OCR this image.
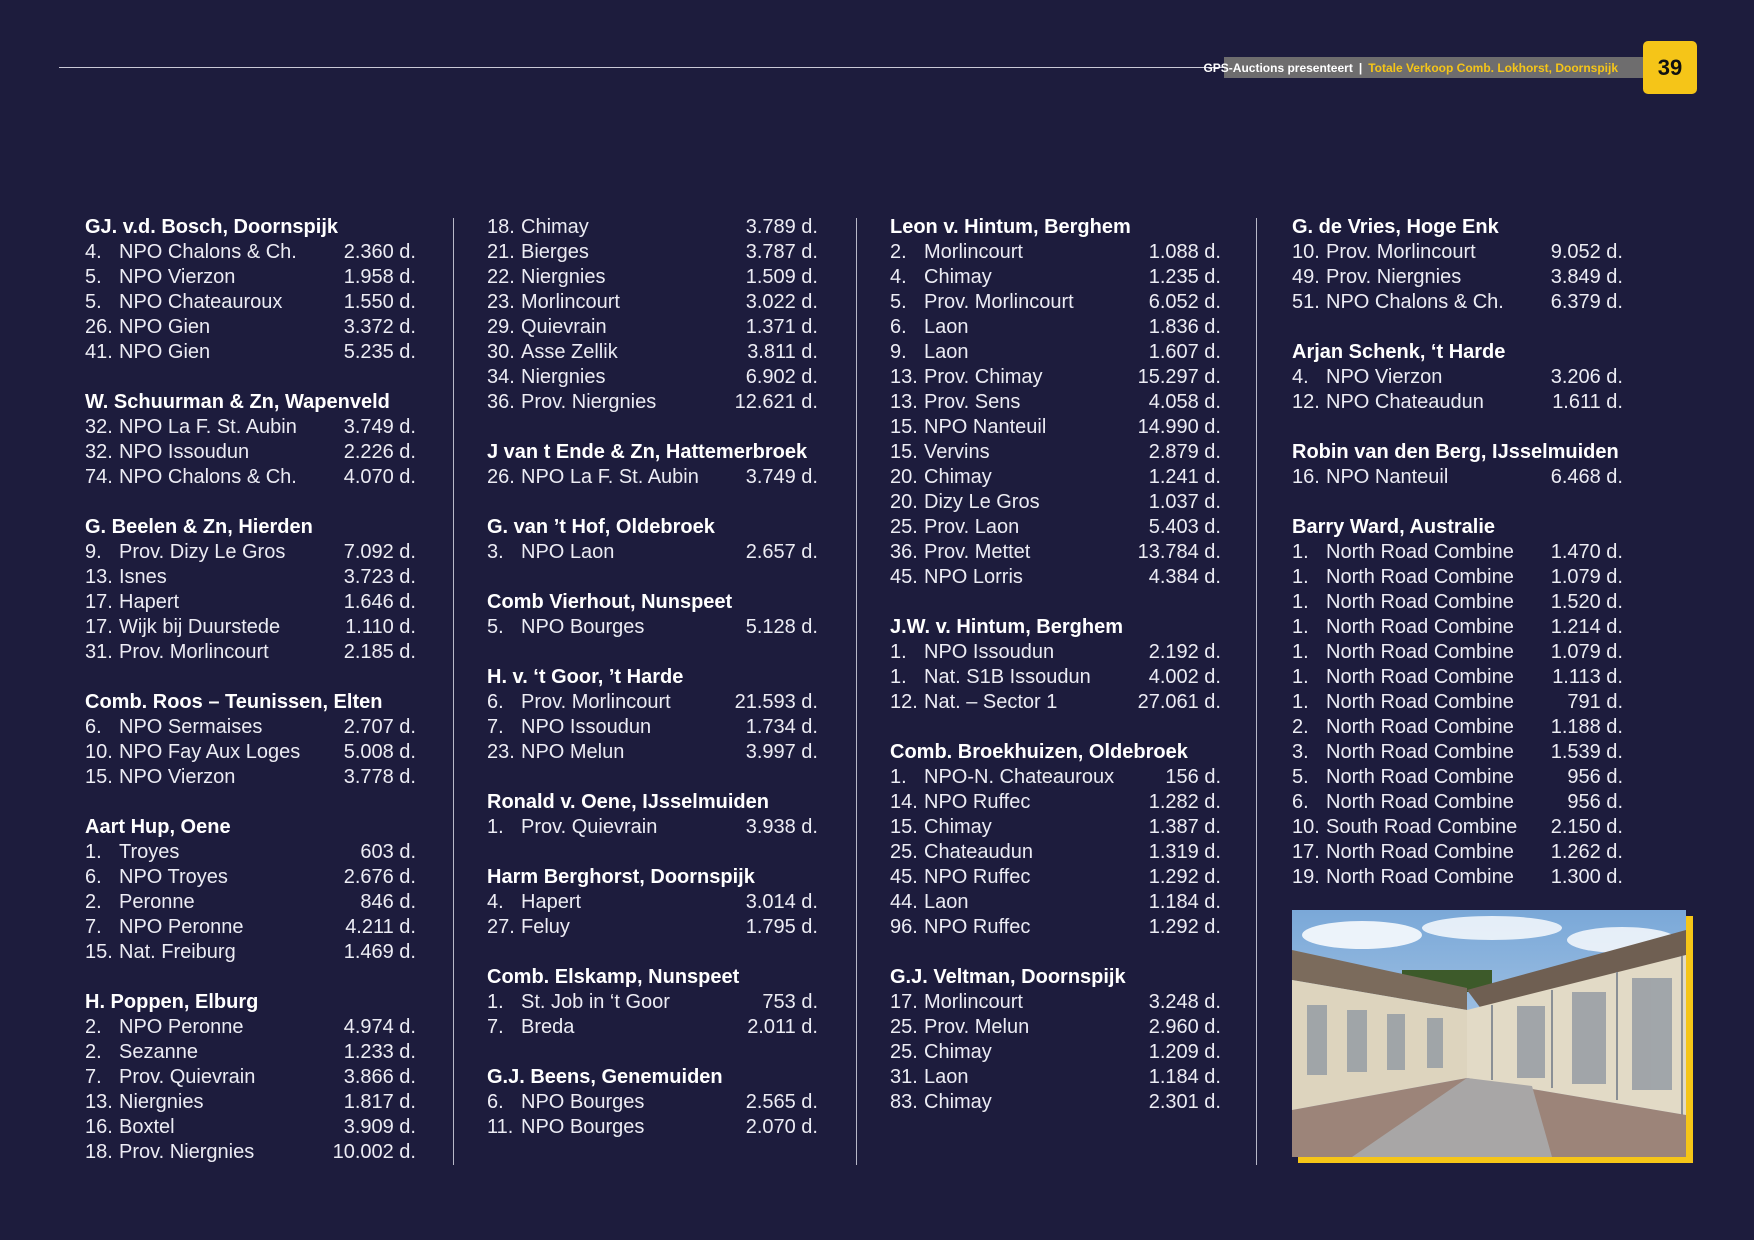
GPS-Auctions presenteert | Totale Verkoop Comb. Lokhorst, Doornspijk	39
GJ. v.d. Bosch, Doornspijk
4. NPO Chalons & Ch.	2.360 d.
5. NPO Vierzon	1.958 d.
5. NPO Chateauroux	1.550 d.
26. NPO Gien	3.372 d.
41. NPO Gien	5.235 d.
W. Schuurman & Zn, Wapenveld
32. NPO La F. St. Aubin	3.749 d.
32. NPO Issoudun	2.226 d.
74. NPO Chalons & Ch.	4.070 d.
G. Beelen & Zn, Hierden
9. Prov. Dizy Le Gros	7.092 d.
13. Isnes	3.723 d.
17. Hapert	1.646 d.
17. Wijk bij Duurstede	1.110 d.
31. Prov. Morlincourt	2.185 d.
Comb. Roos – Teunissen, Elten
6. NPO Sermaises	2.707 d.
10. NPO Fay Aux Loges	5.008 d.
15. NPO Vierzon	3.778 d.
Aart Hup, Oene
1. Troyes	603 d.
6. NPO Troyes	2.676 d.
2. Peronne	846 d.
7. NPO Peronne	4.211 d.
15. Nat. Freiburg	1.469 d.
H. Poppen, Elburg
2. NPO Peronne	4.974 d.
2. Sezanne	1.233 d.
7. Prov. Quievrain	3.866 d.
13. Niergnies	1.817 d.
16. Boxtel	3.909 d.
18. Prov. Niergnies	10.002 d.
18. Chimay	3.789 d.
21. Bierges	3.787 d.
22. Niergnies	1.509 d.
23. Morlincourt	3.022 d.
29. Quievrain	1.371 d.
30. Asse Zellik	3.811 d.
34. Niergnies	6.902 d.
36. Prov. Niergnies	12.621 d.
J van t Ende & Zn, Hattemerbroek
26. NPO La F. St. Aubin	3.749 d.
G. van ’t Hof, Oldebroek
3. NPO Laon	2.657 d.
Comb Vierhout, Nunspeet
5. NPO Bourges	5.128 d.
H. v. ‘t Goor, ’t Harde
6. Prov. Morlincourt	21.593 d.
7. NPO Issoudun	1.734 d.
23. NPO Melun	3.997 d.
Ronald v. Oene, IJsselmuiden
1. Prov. Quievrain	3.938 d.
Harm Berghorst, Doornspijk
4. Hapert	3.014 d.
27. Feluy	1.795 d.
Comb. Elskamp, Nunspeet
1. St. Job in ‘t Goor	753 d.
7. Breda	2.011 d.
G.J. Beens, Genemuiden
6. NPO Bourges	2.565 d.
11. NPO Bourges	2.070 d.
Leon v. Hintum, Berghem
2. Morlincourt	1.088 d.
4. Chimay	1.235 d.
5. Prov. Morlincourt	6.052 d.
6. Laon	1.836 d.
9. Laon	1.607 d.
13. Prov. Chimay	15.297 d.
13. Prov. Sens	4.058 d.
15. NPO Nanteuil	14.990 d.
15. Vervins	2.879 d.
20. Chimay	1.241 d.
20. Dizy Le Gros	1.037 d.
25. Prov. Laon	5.403 d.
36. Prov. Mettet	13.784 d.
45. NPO Lorris	4.384 d.
J.W. v. Hintum, Berghem
1. NPO Issoudun	2.192 d.
1. Nat. S1B Issoudun	4.002 d.
12. Nat. – Sector 1	27.061 d.
Comb. Broekhuizen, Oldebroek
1. NPO-N. Chateauroux	156 d.
14. NPO Ruffec	1.282 d.
15. Chimay	1.387 d.
25. Chateaudun	1.319 d.
45. NPO Ruffec	1.292 d.
44. Laon	1.184 d.
96. NPO Ruffec	1.292 d.
G.J. Veltman, Doornspijk
17. Morlincourt	3.248 d.
25. Prov. Melun	2.960 d.
25. Chimay	1.209 d.
31. Laon	1.184 d.
83. Chimay	2.301 d.
G. de Vries, Hoge Enk
10. Prov. Morlincourt	9.052 d.
49. Prov. Niergnies	3.849 d.
51. NPO Chalons & Ch.	6.379 d.
Arjan Schenk, ‘t Harde
4. NPO Vierzon	3.206 d.
12. NPO Chateaudun	1.611 d.
Robin van den Berg, IJsselmuiden
16. NPO Nanteuil	6.468 d.
Barry Ward, Australie
1. North Road Combine	1.470 d.
1. North Road Combine	1.079 d.
1. North Road Combine	1.520 d.
1. North Road Combine	1.214 d.
1. North Road Combine	1.079 d.
1. North Road Combine	1.113 d.
1. North Road Combine	791 d.
2. North Road Combine	1.188 d.
3. North Road Combine	1.539 d.
5. North Road Combine	956 d.
6. North Road Combine	956 d.
10. South Road Combine	2.150 d.
17. North Road Combine	1.262 d.
19. North Road Combine	1.300 d.
